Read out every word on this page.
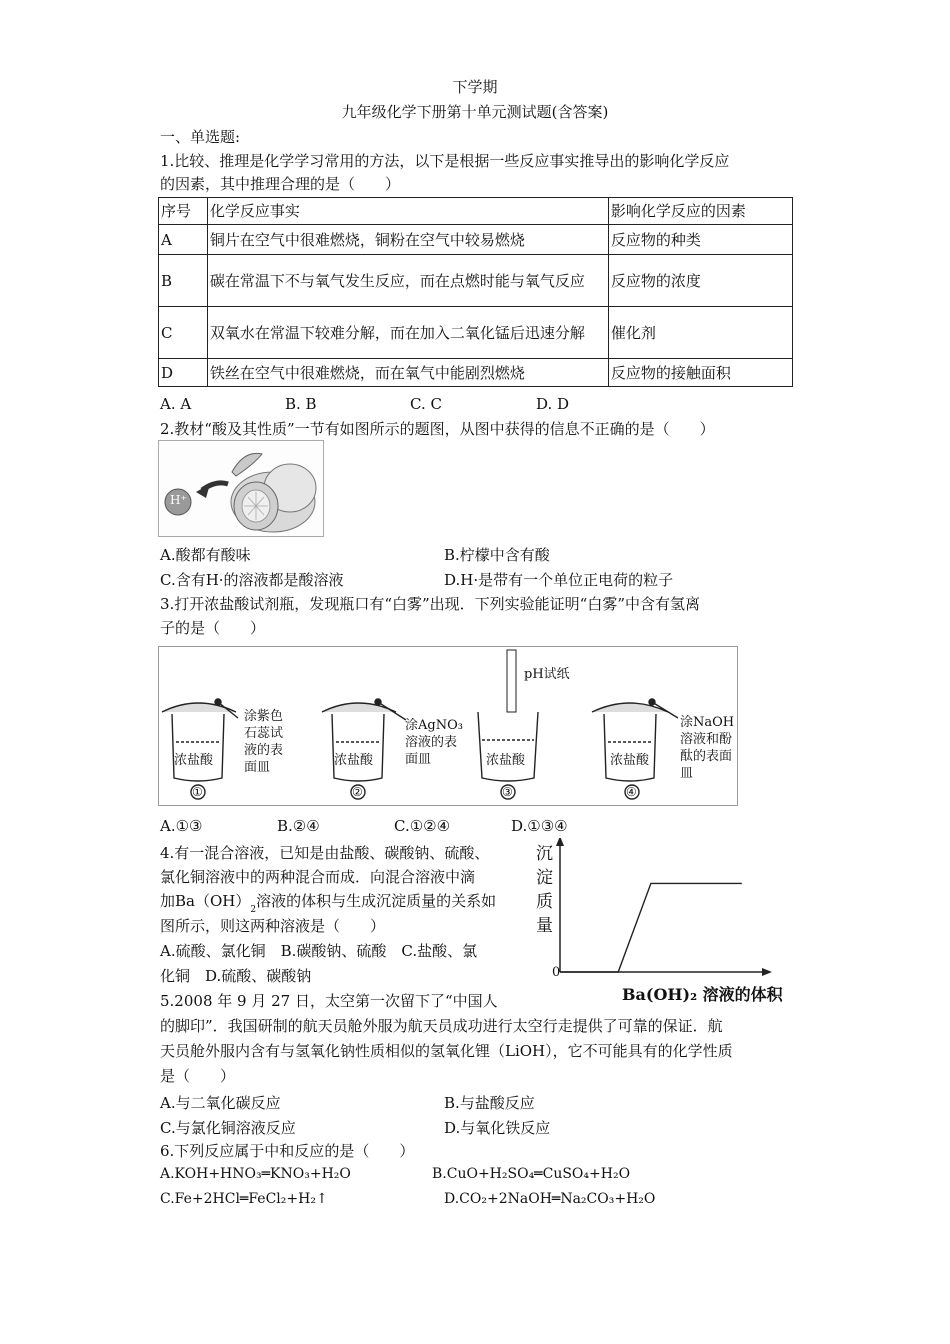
下学期
九年级化学下册第十单元测试题(含答案)
一、单选题:
1.比较、推理是化学学习常用的方法，以下是根据一些反应事实推导出的影响化学反应
的因素，其中推理合理的是（　　）
序号	化学反应事实	影响化学反应的因素
A	铜片在空气中很难燃烧，铜粉在空气中较易燃烧	反应物的种类
B	碳在常温下不与氧气发生反应，而在点燃时能与氧气反应	反应物的浓度
C	双氧水在常温下较难分解，而在加入二氧化锰后迅速分解	催化剂
D	铁丝在空气中很难燃烧，而在氧气中能剧烈燃烧	反应物的接触面积
A. A	B. B	C. C	D. D
2.教材“酸及其性质”一节有如图所示的题图，从图中获得的信息不正确的是（　　）
H⁺
A.酸都有酸味	B.柠檬中含有酸
C.含有H·的溶液都是酸溶液	D.H·是带有一个单位正电荷的粒子
3.打开浓盐酸试剂瓶，发现瓶口有“白雾”出现．下列实验能证明“白雾”中含有氢离
子的是（　　）
pH试纸
浓盐酸	浓盐酸	浓盐酸	浓盐酸
涂紫色
石蕊试
液的表
面皿
涂AgNO₃
溶液的表
面皿
涂NaOH
溶液和酚
酞的表面
皿
①	②	③	④
A.①③	B.②④	C.①②④	D.①③④
4.有一混合溶液，已知是由盐酸、碳酸钠、硫酸、
氯化铜溶液中的两种混合而成．向混合溶液中滴
加$Ba(OH)_2$溶液的体积与生成沉淀质量的关系如
图所示，则这两种溶液是（　　）
A.硫酸、氯化铜　B.碳酸钠、硫酸　C.盐酸、氯
化铜　D.硫酸、碳酸钠
沉淀质量
0
Ba(OH)₂ 溶液的体积
5.2008 年 9 月 27 日，太空第一次留下了“中国人
的脚印”．我国研制的航天员舱外服为航天员成功进行太空行走提供了可靠的保证．航
天员舱外服内含有与氢氧化钠性质相似的氢氧化锂（LiOH），它不可能具有的化学性质
是（　　）
A.与二氧化碳反应	B.与盐酸反应
C.与氯化铜溶液反应	D.与氧化铁反应
6.下列反应属于中和反应的是（　　）
A.KOH+HNO₃═KNO₃+H₂O	B.CuO+H₂SO₄═CuSO₄+H₂O
C.Fe+2HCl═FeCl₂+H₂↑	D.CO₂+2NaOH═Na₂CO₃+H₂O
